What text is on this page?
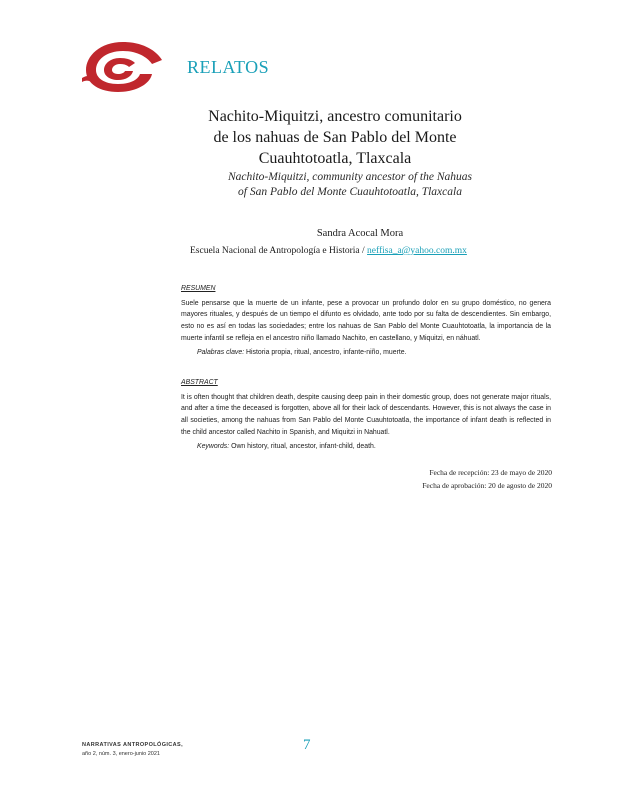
RELATOS
Nachito-Miquitzi, ancestro comunitario
de los nahuas de San Pablo del Monte
Cuauhtotoatla, Tlaxcala
Nachito-Miquitzi, community ancestor of the Nahuas
of San Pablo del Monte Cuauhtotoatla, Tlaxcala
Sandra Acocal Mora
Escuela Nacional de Antropología e Historia / neffisa_a@yahoo.com.mx
RESUMEN
Suele pensarse que la muerte de un infante, pese a provocar un profundo dolor en su grupo doméstico, no genera mayores rituales, y después de un tiempo el difunto es olvidado, ante todo por su falta de descendientes. Sin embargo, esto no es así en todas las sociedades; entre los nahuas de San Pablo del Monte Cuauhtotoatla, la importancia de la muerte infantil se refleja en el ancestro niño llamado Nachito, en castellano, y Miquitzi, en náhuatl.
Palabras clave: Historia propia, ritual, ancestro, infante-niño, muerte.
ABSTRACT
It is often thought that children death, despite causing deep pain in their domestic group, does not generate major rituals, and after a time the deceased is forgotten, above all for their lack of descendants. However, this is not always the case in all societies, among the nahuas from San Pablo del Monte Cuauhtotoatla, the importance of infant death is reflected in the child ancestor called Nachito in Spanish, and Miquitzi in Nahuatl.
Keywords: Own history, ritual, ancestor, infant-child, death.
Fecha de recepción: 23 de mayo de 2020
Fecha de aprobación: 20 de agosto de 2020
NARRATIVAS ANTROPOLÓGICAS,
año 2, núm. 3, enero-junio 2021
7
